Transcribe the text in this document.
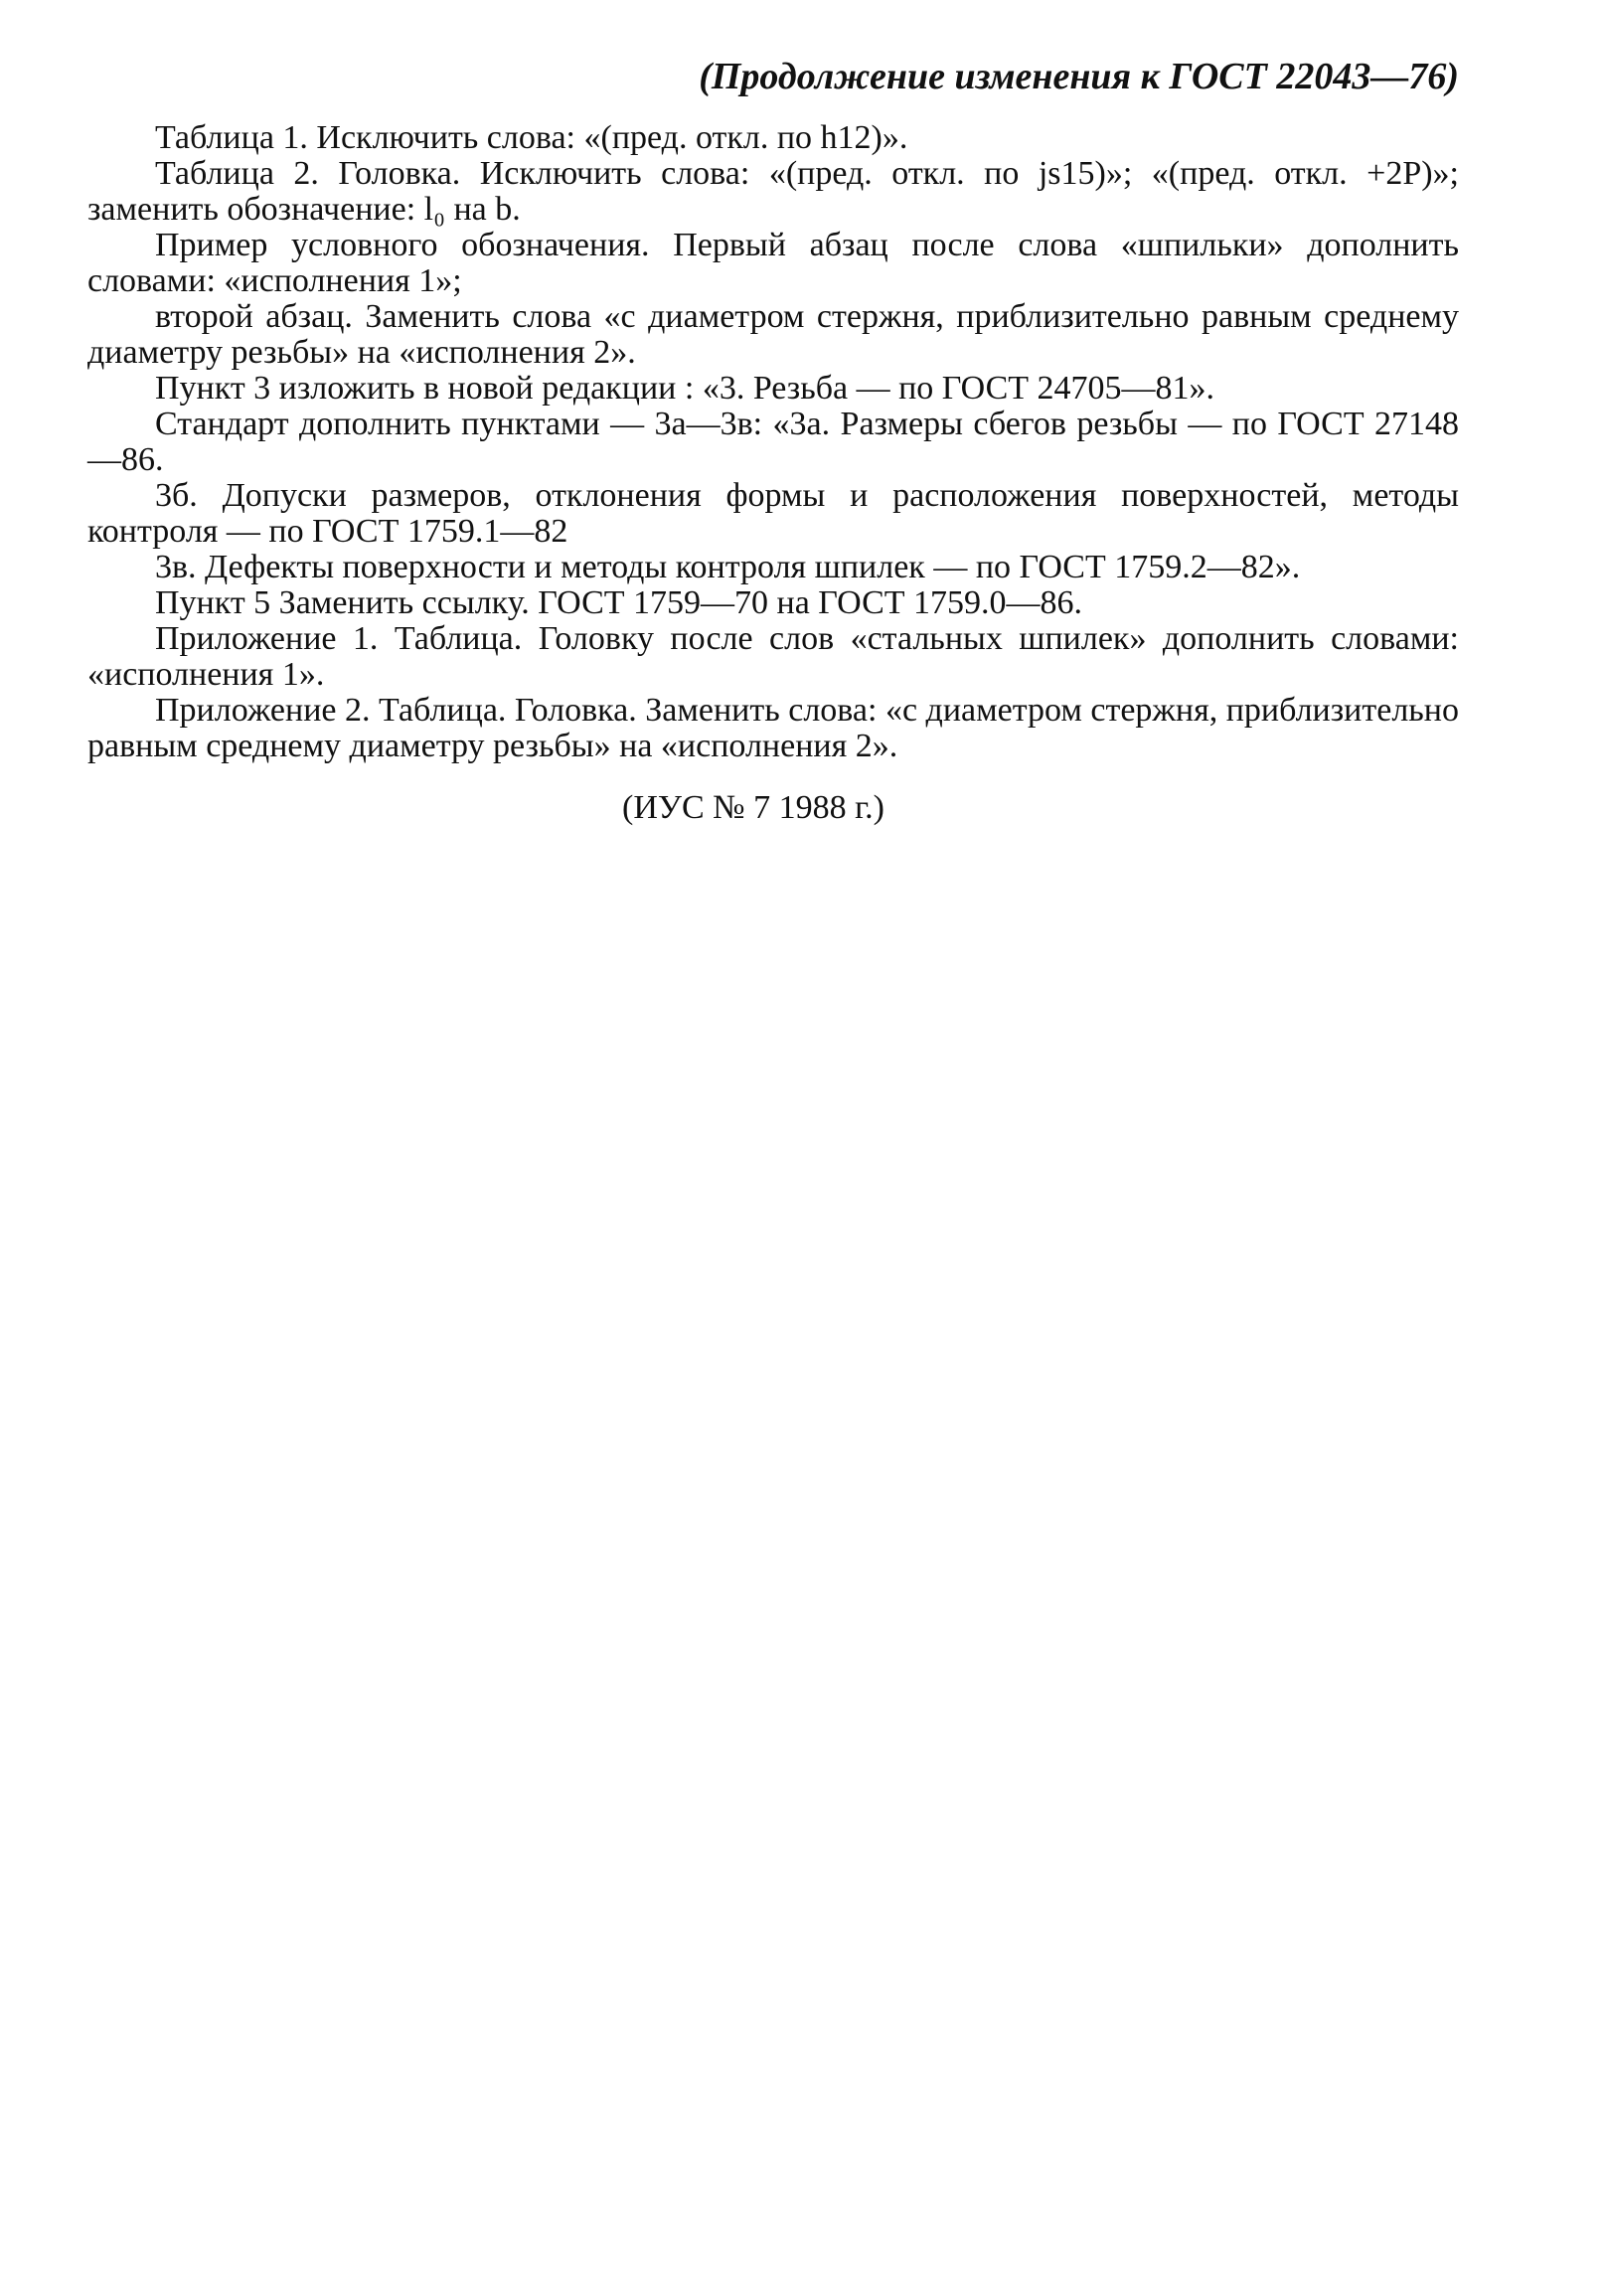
(Продолжение изменения к ГОСТ 22043—76)

Таблица 1. Исключить слова: «(пред. откл. по h12)».

Таблица 2. Головка. Исключить слова: «(пред. откл. по js15)»; «(пред. откл. +2P)»; заменить обозначение: l₀ на b.

Пример условного обозначения. Первый абзац после слова «шпильки» дополнить словами: «исполнения 1»;

второй абзац. Заменить слова «с диаметром стержня, приблизительно равным среднему диаметру резьбы» на «исполнения 2».

Пункт 3 изложить в новой редакции : «3. Резьба — по ГОСТ 24705—81».

Стандарт дополнить пунктами — 3а—3в: «3а. Размеры сбегов резьбы — по ГОСТ 27148—86.

3б. Допуски размеров, отклонения формы и расположения поверхностей, методы контроля — по ГОСТ 1759.1—82

3в. Дефекты поверхности и методы контроля шпилек — по ГОСТ 1759.2—82».

Пункт 5 Заменить ссылку. ГОСТ 1759—70 на ГОСТ 1759.0—86.

Приложение 1. Таблица. Головку после слов «стальных шпилек» дополнить словами: «исполнения 1».

Приложение 2. Таблица. Головка. Заменить слова: «с диаметром стержня, приблизительно равным среднему диаметру резьбы» на «исполнения 2».

(ИУС № 7 1988 г.)
